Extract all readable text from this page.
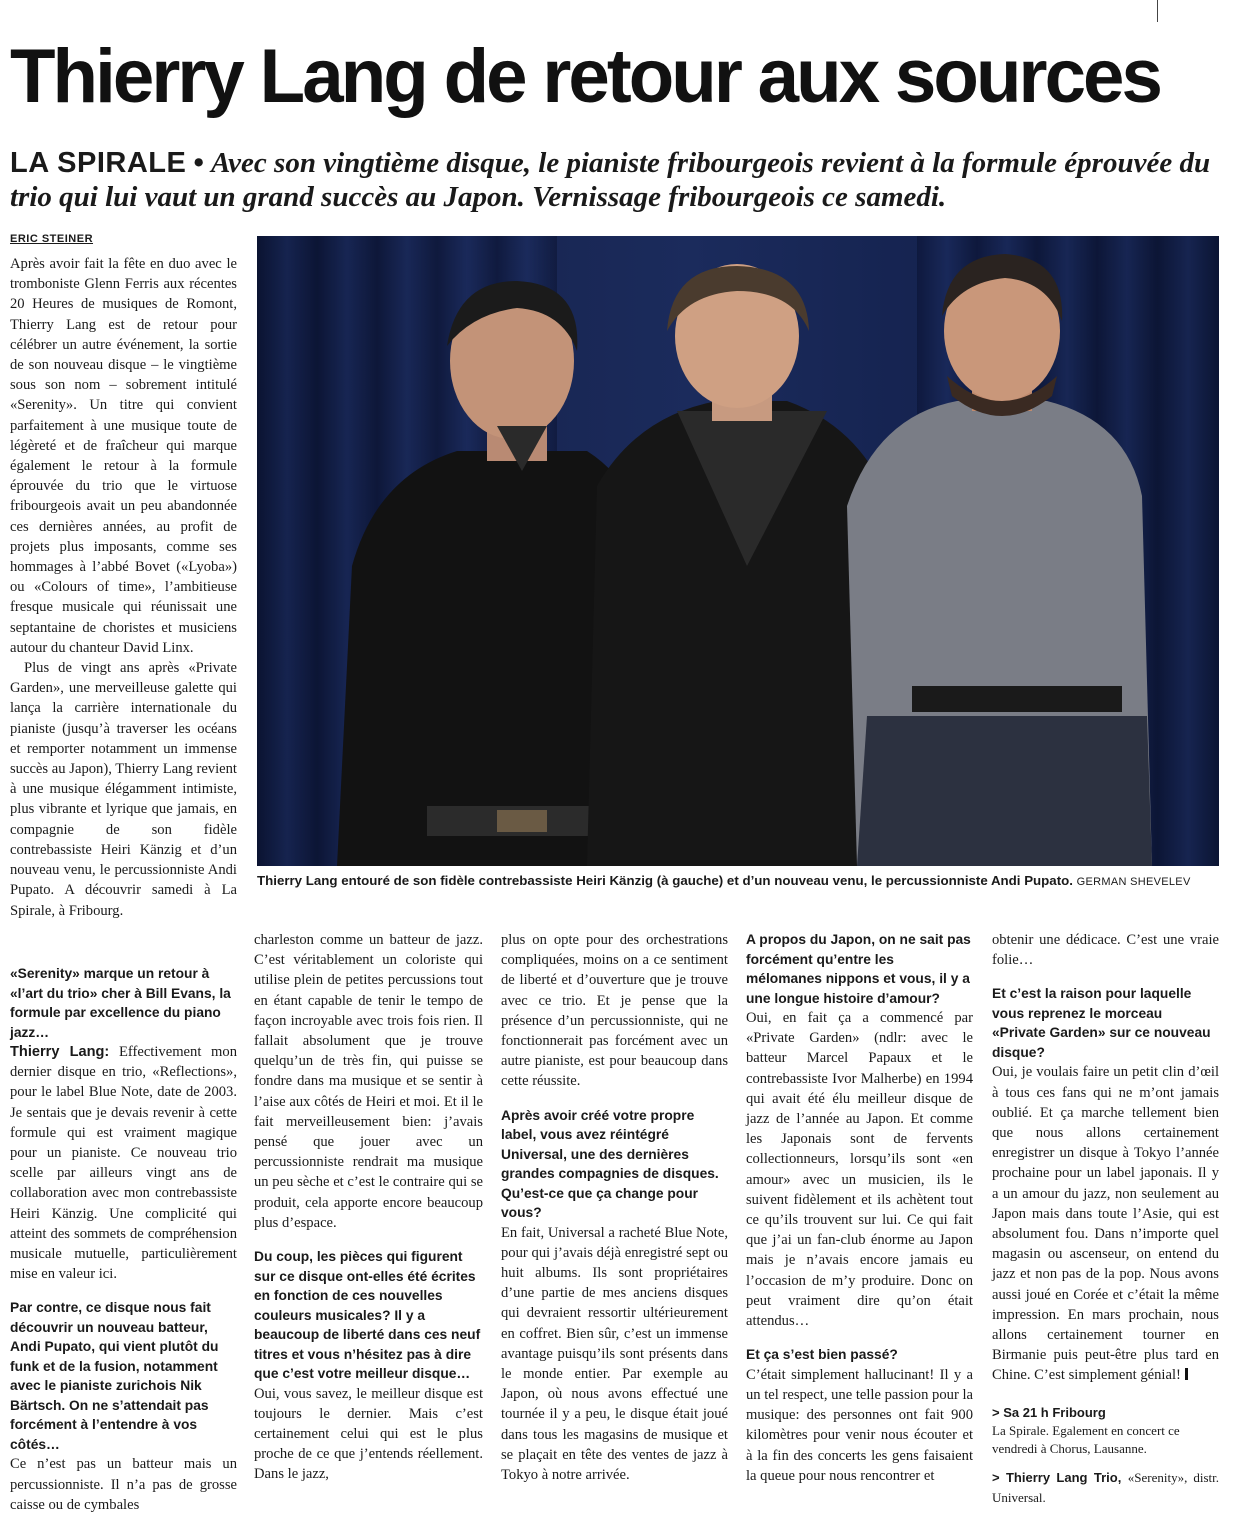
Thierry Lang de retour aux sources
LA SPIRALE • Avec son vingtième disque, le pianiste fribourgeois revient à la formule éprouvée du trio qui lui vaut un grand succès au Japon. Vernissage fribourgeois ce samedi.
ERIC STEINER

Après avoir fait la fête en duo avec le tromboniste Glenn Ferris aux récentes 20 Heures de musiques de Romont, Thierry Lang est de retour pour célébrer un autre événement, la sortie de son nouveau disque – le vingtième sous son nom – sobrement intitulé «Serenity». Un titre qui convient parfaitement à une musique toute de légèreté et de fraîcheur qui marque également le retour à la formule éprouvée du trio que le virtuose fribourgeois avait un peu abandonnée ces dernières années, au profit de projets plus imposants, comme ses hommages à l’abbé Bovet («Lyoba») ou «Colours of time», l’ambitieuse fresque musicale qui réunissait une septantaine de choristes et musiciens autour du chanteur David Linx.

Plus de vingt ans après «Private Garden», une merveilleuse galette qui lança la carrière internationale du pianiste (jusqu’à traverser les océans et remporter notamment un immense succès au Japon), Thierry Lang revient à une musique élégamment intimiste, plus vibrante et lyrique que jamais, en compagnie de son fidèle contrebassiste Heiri Känzig et d’un nouveau venu, le percussionniste Andi Pupato. A découvrir samedi à La Spirale, à Fribourg.

«Serenity» marque un retour à «l’art du trio» cher à Bill Evans, la formule par excellence du piano jazz…

Thierry Lang: Effectivement mon dernier disque en trio, «Reflections», pour le label Blue Note, date de 2003. Je sentais que je devais revenir à cette formule qui est vraiment magique pour un pianiste. Ce nouveau trio scelle par ailleurs vingt ans de collaboration avec mon contrebassiste Heiri Känzig. Une complicité qui atteint des sommets de compréhension musicale mutuelle, particulièrement mise en valeur ici.

Par contre, ce disque nous fait découvrir un nouveau batteur, Andi Pupato, qui vient plutôt du funk et de la fusion, notamment avec le pianiste zurichois Nik Bärtsch. On ne s’attendait pas forcément à l’entendre à vos côtés…

Ce n’est pas un batteur mais un percussionniste. Il n’a pas de grosse caisse ou de cymbales

charleston comme un batteur de jazz. C’est véritablement un coloriste qui utilise plein de petites percussions tout en étant capable de tenir le tempo de façon incroyable avec trois fois rien. Il fallait absolument que je trouve quelqu’un de très fin, qui puisse se fondre dans ma musique et se sentir à l’aise aux côtés de Heiri et moi. Et il le fait merveilleusement bien: j’avais pensé que jouer avec un percussionniste rendrait ma musique un peu sèche et c’est le contraire qui se produit, cela apporte encore beaucoup plus d’espace.

Du coup, les pièces qui figurent sur ce disque ont-elles été écrites en fonction de ces nouvelles couleurs musicales? Il y a beaucoup de liberté dans ces neuf titres et vous n’hésitez pas à dire que c’est votre meilleur disque…

Oui, vous savez, le meilleur disque est toujours le dernier. Mais c’est certainement celui qui est le plus proche de ce que j’entends réellement. Dans le jazz,

plus on opte pour des orchestrations compliquées, moins on a ce sentiment de liberté et d’ouverture que je trouve avec ce trio. Et je pense que la présence d’un percussionniste, qui ne fonctionnerait pas forcément avec un autre pianiste, est pour beaucoup dans cette réussite.

Après avoir créé votre propre label, vous avez réintégré Universal, une des dernières grandes compagnies de disques. Qu’est-ce que ça change pour vous?

En fait, Universal a racheté Blue Note, pour qui j’avais déjà enregistré sept ou huit albums. Ils sont propriétaires d’une partie de mes anciens disques qui devraient ressortir ultérieurement en coffret. Bien sûr, c’est un immense avantage puisqu’ils sont présents dans le monde entier. Par exemple au Japon, où nous avons effectué une tournée il y a peu, le disque était joué dans tous les magasins de musique et se plaçait en tête des ventes de jazz à Tokyo à notre arrivée.

A propos du Japon, on ne sait pas forcément qu’entre les mélomanes nippons et vous, il y a une longue histoire d’amour?

Oui, en fait ça a commencé par «Private Garden» (ndlr: avec le batteur Marcel Papaux et le contrebassiste Ivor Malherbe) en 1994 qui avait été élu meilleur disque de jazz de l’année au Japon. Et comme les Japonais sont de fervents collectionneurs, lorsqu’ils sont «en amour» avec un musicien, ils le suivent fidèlement et ils achètent tout ce qu’ils trouvent sur lui. Ce qui fait que j’ai un fan-club énorme au Japon mais je n’avais encore jamais eu l’occasion de m’y produire. Donc on peut vraiment dire qu’on était attendus…

Et ça s’est bien passé?

C’était simplement hallucinant! Il y a un tel respect, une telle passion pour la musique: des personnes ont fait 900 kilomètres pour venir nous écouter et à la fin des concerts les gens faisaient la queue pour nous rencontrer et

obtenir une dédicace. C’est une vraie folie…

Et c’est la raison pour laquelle vous reprenez le morceau «Private Garden» sur ce nouveau disque?

Oui, je voulais faire un petit clin d’œil à tous ces fans qui ne m’ont jamais oublié. Et ça marche tellement bien que nous allons certainement enregistrer un disque à Tokyo l’année prochaine pour un label japonais. Il y a un amour du jazz, non seulement au Japon mais dans toute l’Asie, qui est absolument fou. Dans n’importe quel magasin ou ascenseur, on entend du jazz et non pas de la pop. Nous avons aussi joué en Corée et c’était la même impression. En mars prochain, nous allons certainement tourner en Birmanie puis peut-être plus tard en Chine. C’est simplement génial!

> Sa 21 h Fribourg
La Spirale. Egalement en concert ce vendredi à Chorus, Lausanne.
> Thierry Lang Trio, «Serenity», distr. Universal.
Thierry Lang entouré de son fidèle contrebassiste Heiri Känzig (à gauche) et d’un nouveau venu, le percussionniste Andi Pupato. GERMAN SHEVELEV
